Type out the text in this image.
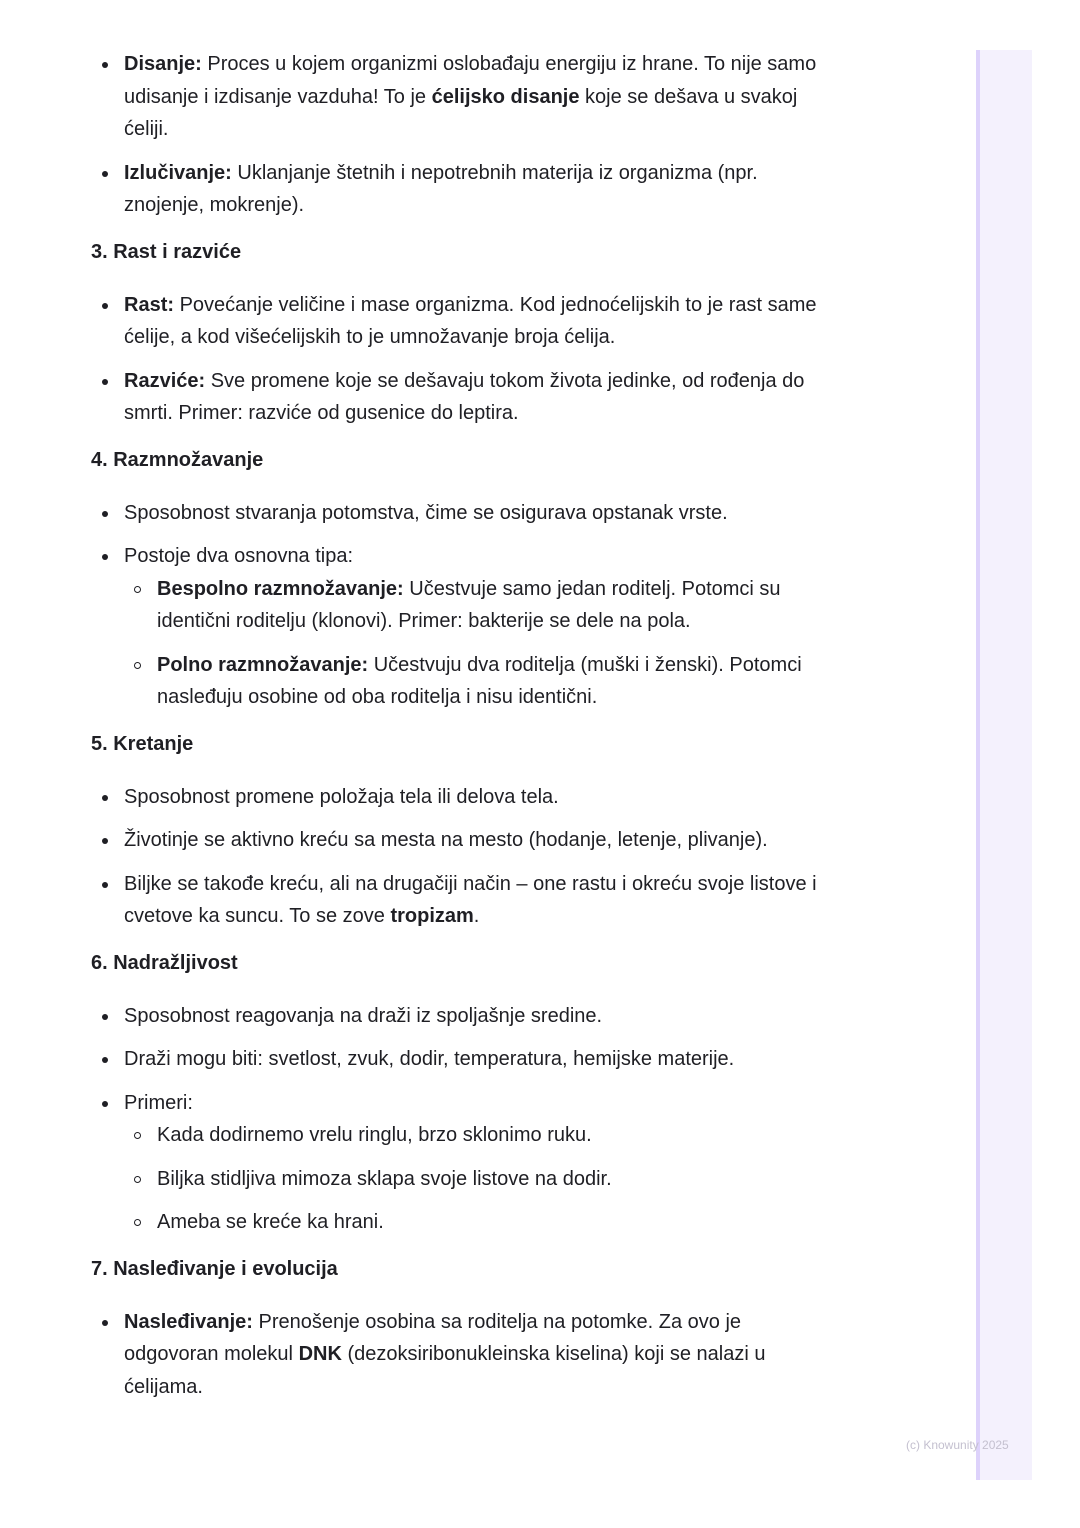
(c) Knowunity 2025
Disanje: Proces u kojem organizmi oslobađaju energiju iz hrane. To nije samo udisanje i izdisanje vazduha! To je ćelijsko disanje koje se dešava u svakoj ćeliji.
Izlučivanje: Uklanjanje štetnih i nepotrebnih materija iz organizma (npr. znojenje, mokrenje).
3. Rast i razviće
Rast: Povećanje veličine i mase organizma. Kod jednoćelijskih to je rast same ćelije, a kod višećelijskih to je umnožavanje broja ćelija.
Razviće: Sve promene koje se dešavaju tokom života jedinke, od rođenja do smrti. Primer: razviće od gusenice do leptira.
4. Razmnožavanje
Sposobnost stvaranja potomstva, čime se osigurava opstanak vrste.
Postoje dva osnovna tipa:
Bespolno razmnožavanje: Učestvuje samo jedan roditelj. Potomci su identični roditelju (klonovi). Primer: bakterije se dele na pola.
Polno razmnožavanje: Učestvuju dva roditelja (muški i ženski). Potomci nasleđuju osobine od oba roditelja i nisu identični.
5. Kretanje
Sposobnost promene položaja tela ili delova tela.
Životinje se aktivno kreću sa mesta na mesto (hodanje, letenje, plivanje).
Biljke se takođe kreću, ali na drugačiji način – one rastu i okreću svoje listove i cvetove ka suncu. To se zove tropizam.
6. Nadražljivost
Sposobnost reagovanja na draži iz spoljašnje sredine.
Draži mogu biti: svetlost, zvuk, dodir, temperatura, hemijske materije.
Primeri:
Kada dodirnemo vrelu ringlu, brzo sklonimo ruku.
Biljka stidljiva mimoza sklapa svoje listove na dodir.
Ameba se kreće ka hrani.
7. Nasleđivanje i evolucija
Nasleđivanje: Prenošenje osobina sa roditelja na potomke. Za ovo je odgovoran molekul DNK (dezoksiribonukleinska kiselina) koji se nalazi u ćelijama.
